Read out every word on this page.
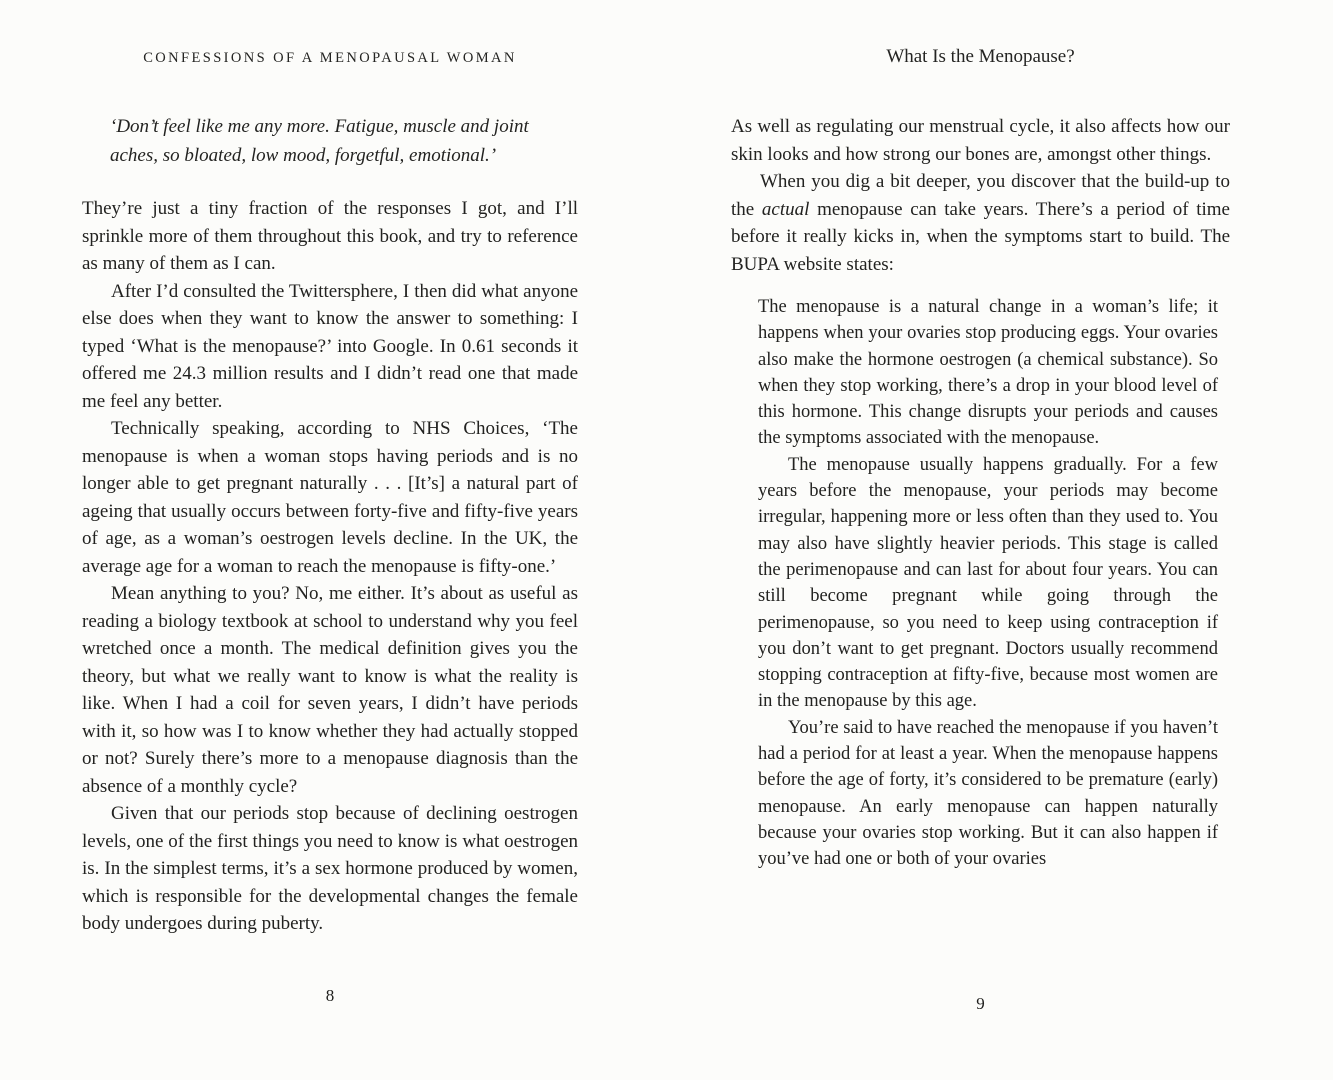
CONFESSIONS OF A MENOPAUSAL WOMAN
‘Don’t feel like me any more. Fatigue, muscle and joint aches, so bloated, low mood, forgetful, emotional.’

They’re just a tiny fraction of the responses I got, and I’ll sprinkle more of them throughout this book, and try to reference as many of them as I can.

After I’d consulted the Twittersphere, I then did what anyone else does when they want to know the answer to something: I typed ‘What is the menopause?’ into Google. In 0.61 seconds it offered me 24.3 million results and I didn’t read one that made me feel any better.

Technically speaking, according to NHS Choices, ‘The menopause is when a woman stops having periods and is no longer able to get pregnant naturally . . . [It’s] a natural part of ageing that usually occurs between forty-five and fifty-five years of age, as a woman’s oestrogen levels decline. In the UK, the average age for a woman to reach the menopause is fifty-one.’

Mean anything to you? No, me either. It’s about as useful as reading a biology textbook at school to understand why you feel wretched once a month. The medical definition gives you the theory, but what we really want to know is what the reality is like. When I had a coil for seven years, I didn’t have periods with it, so how was I to know whether they had actually stopped or not? Surely there’s more to a menopause diagnosis than the absence of a monthly cycle?

Given that our periods stop because of declining oestrogen levels, one of the first things you need to know is what oestrogen is. In the simplest terms, it’s a sex hormone produced by women, which is responsible for the developmental changes the female body undergoes during puberty.

8
What Is the Menopause?

As well as regulating our menstrual cycle, it also affects how our skin looks and how strong our bones are, amongst other things.

When you dig a bit deeper, you discover that the build-up to the actual menopause can take years. There’s a period of time before it really kicks in, when the symptoms start to build. The BUPA website states:

The menopause is a natural change in a woman’s life; it happens when your ovaries stop producing eggs. Your ovaries also make the hormone oestrogen (a chemical substance). So when they stop working, there’s a drop in your blood level of this hormone. This change disrupts your periods and causes the symptoms associated with the menopause.

The menopause usually happens gradually. For a few years before the menopause, your periods may become irregular, happening more or less often than they used to. You may also have slightly heavier periods. This stage is called the perimenopause and can last for about four years. You can still become pregnant while going through the perimenopause, so you need to keep using contraception if you don’t want to get pregnant. Doctors usually recommend stopping contraception at fifty-five, because most women are in the menopause by this age.

You’re said to have reached the menopause if you haven’t had a period for at least a year. When the menopause happens before the age of forty, it’s considered to be premature (early) menopause. An early menopause can happen naturally because your ovaries stop working. But it can also happen if you’ve had one or both of your ovaries

9
